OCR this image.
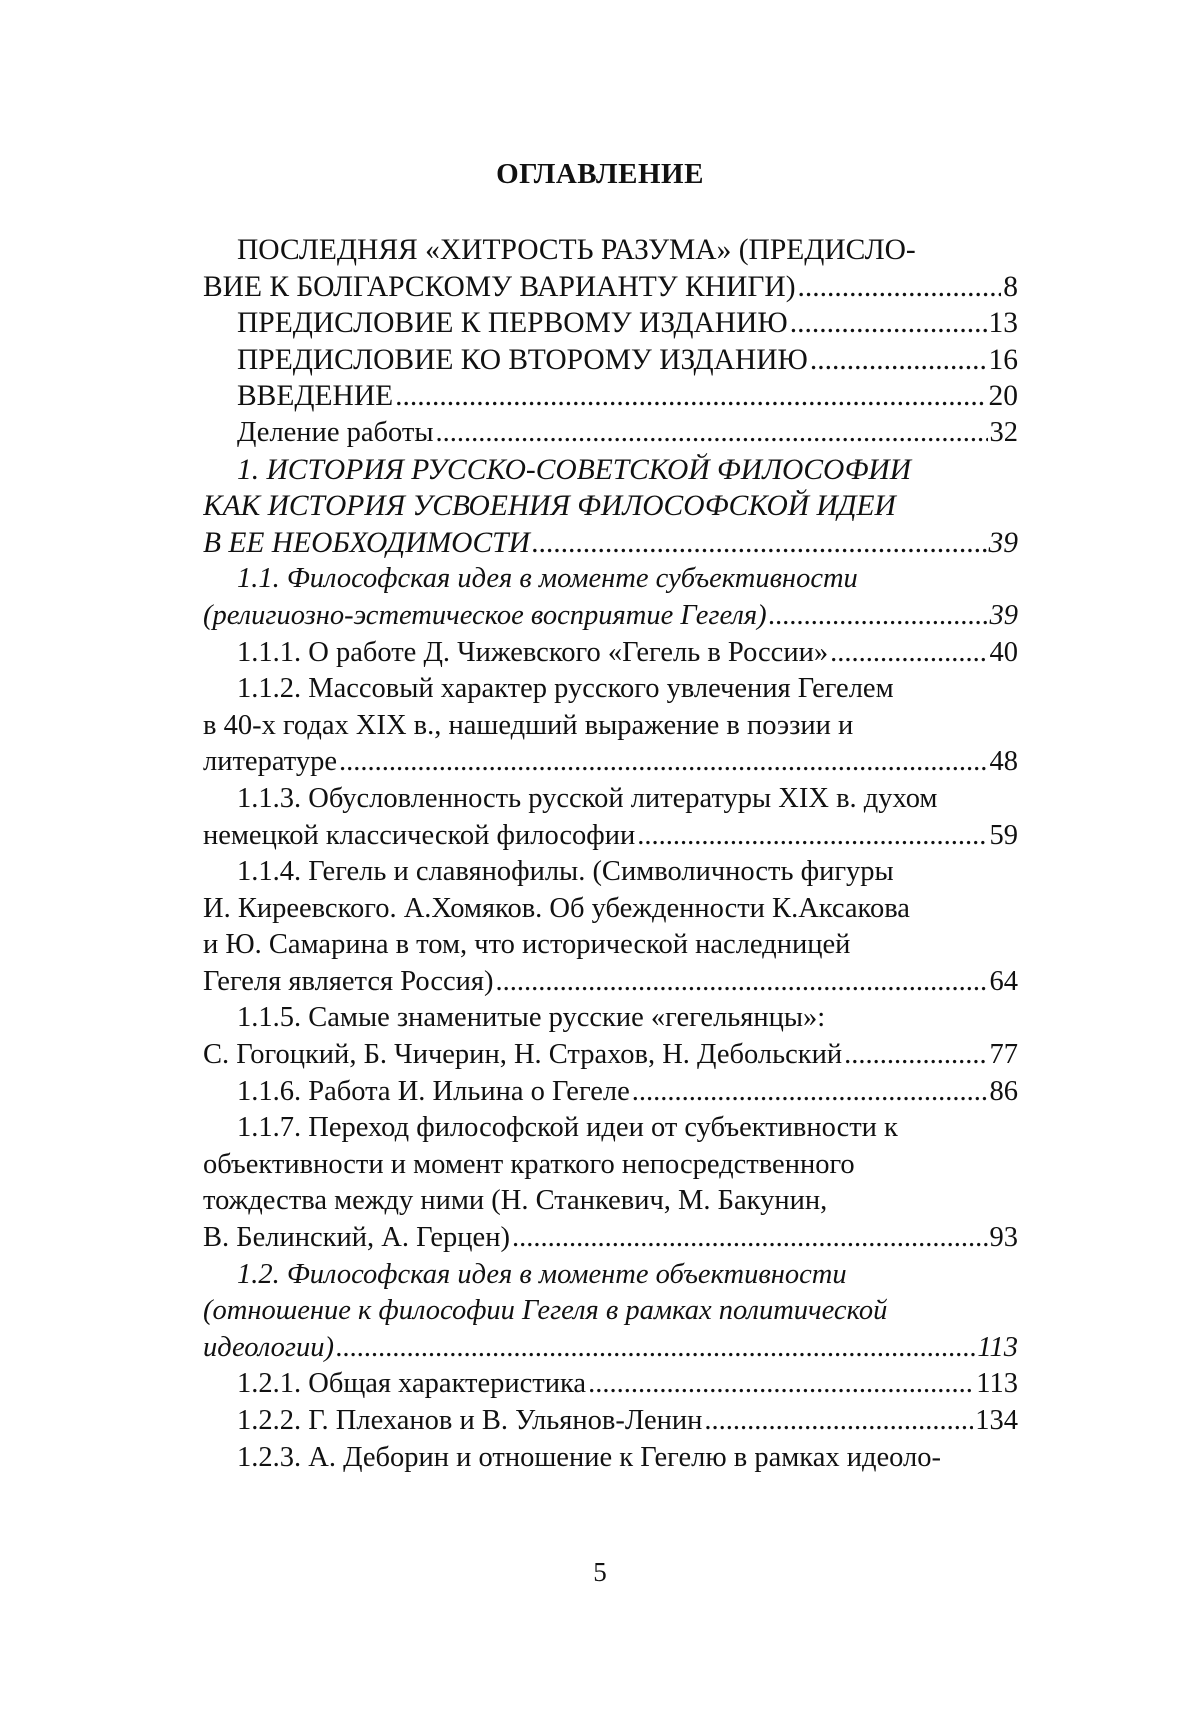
ОГЛАВЛЕНИЕ
ПОСЛЕДНЯЯ «ХИТРОСТЬ РАЗУМА» (ПРЕДИСЛО-
ВИЕ К БОЛГАРСКОМУ ВАРИАНТУ КНИГИ) .....	8
ПРЕДИСЛОВИЕ К ПЕРВОМУ ИЗДАНИЮ .....	13
ПРЕДИСЛОВИЕ КО ВТОРОМУ ИЗДАНИЮ .....	16
ВВЕДЕНИЕ .....	20
Деление работы .....	32
1. ИСТОРИЯ РУССКО-СОВЕТСКОЙ ФИЛОСОФИИ
КАК ИСТОРИЯ УСВОЕНИЯ ФИЛОСОФСКОЙ ИДЕИ
В ЕЕ НЕОБХОДИМОСТИ .....	39
1.1. Философская идея в моменте субъективности
(религиозно-эстетическое восприятие Гегеля) .....	39
1.1.1. О работе Д. Чижевского «Гегель в России» .....	40
1.1.2. Массовый характер русского увлечения Гегелем
в 40-х годах XIX в., нашедший выражение в поэзии и
литературе .....	48
1.1.3. Обусловленность русской литературы XIX в. духом
немецкой классической философии .....	59
1.1.4. Гегель и славянофилы. (Символичность фигуры
И. Киреевского. А.Хомяков. Об убежденности К.Аксакова
и Ю. Самарина в том, что исторической наследницей
Гегеля является Россия) .....	64
1.1.5. Самые знаменитые русские «гегельянцы»:
С. Гогоцкий, Б. Чичерин, Н. Страхов, Н. Дебольский .....	77
1.1.6. Работа И. Ильина о Гегеле .....	86
1.1.7. Переход философской идеи от субъективности к
объективности и момент краткого непосредственного
тождества между ними (Н. Станкевич, М. Бакунин,
В. Белинский, А. Герцен) .....	93
1.2. Философская идея в моменте объективности
(отношение к философии Гегеля в рамках политической
идеологии) .....	113
1.2.1. Общая характеристика .....	113
1.2.2. Г. Плеханов и В. Ульянов-Ленин .....	134
1.2.3. А. Деборин и отношение к Гегелю в рамках идеоло-
5
